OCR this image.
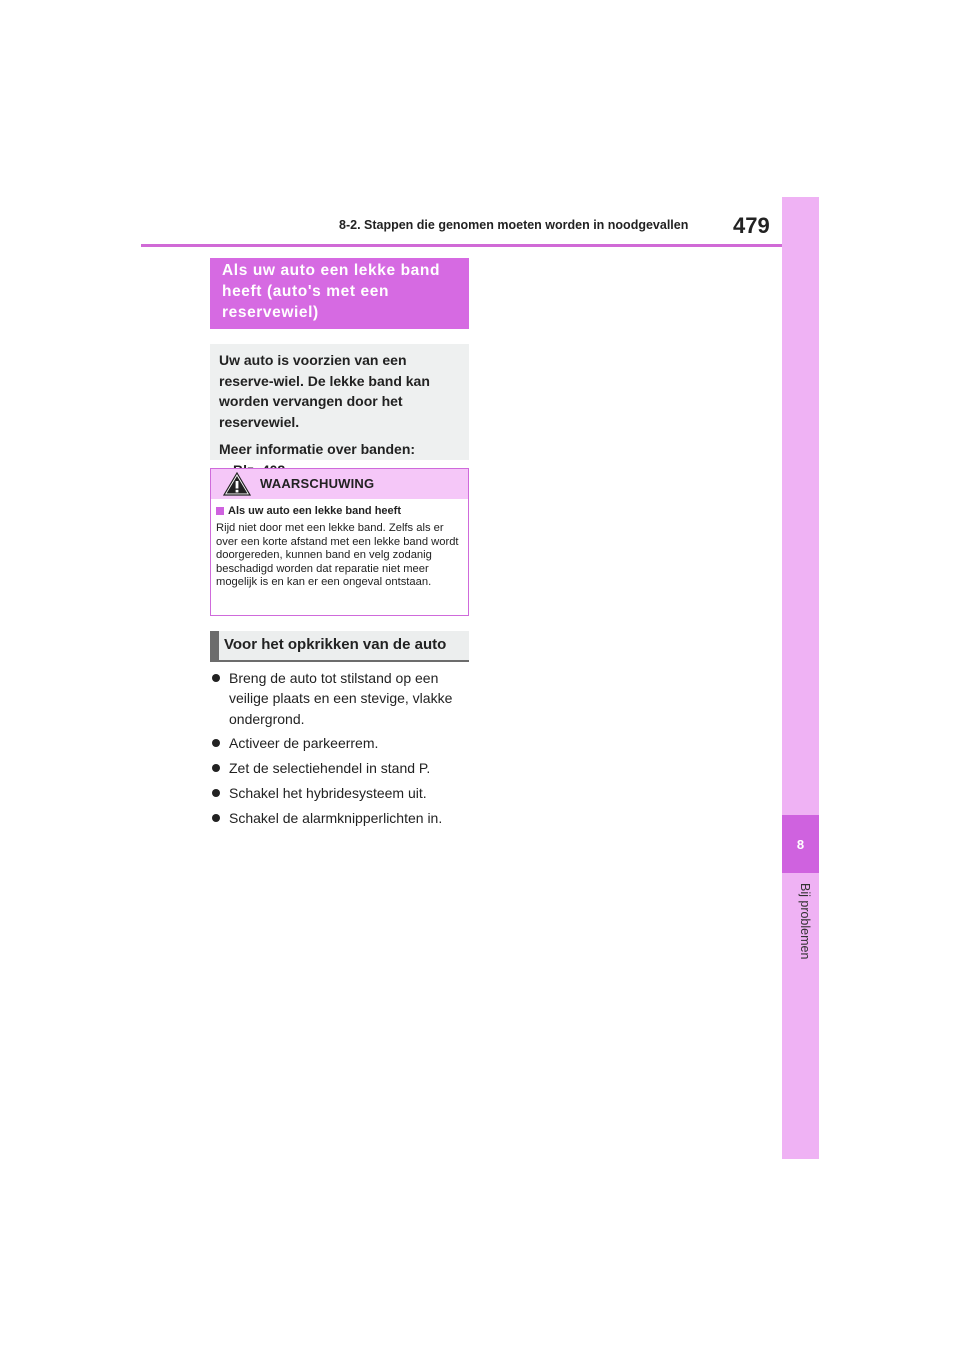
8-2. Stappen die genomen moeten worden in noodgevallen 479
8
Bij problemen
Als uw auto een lekke band heeft (auto's met een reservewiel)

Uw auto is voorzien van een reserve-wiel. De lekke band kan worden vervangen door het reservewiel.

Meer informatie over banden:

WAARSCHUWING
Als uw auto een lekke band heeft
Rijd niet door met een lekke band. Zelfs als er over een korte afstand met een lekke band wordt doorgereden, kunnen band en velg zodanig beschadigd worden dat reparatie niet meer mogelijk is en kan er een ongeval ontstaan.
Voor het opkrikken van de auto
Breng de auto tot stilstand op een veilige plaats en een stevige, vlakke ondergrond.
Activeer de parkeerrem.
Zet de selectiehendel in stand P.
Schakel het hybridesysteem uit.
Schakel de alarmknipperlichten in.
